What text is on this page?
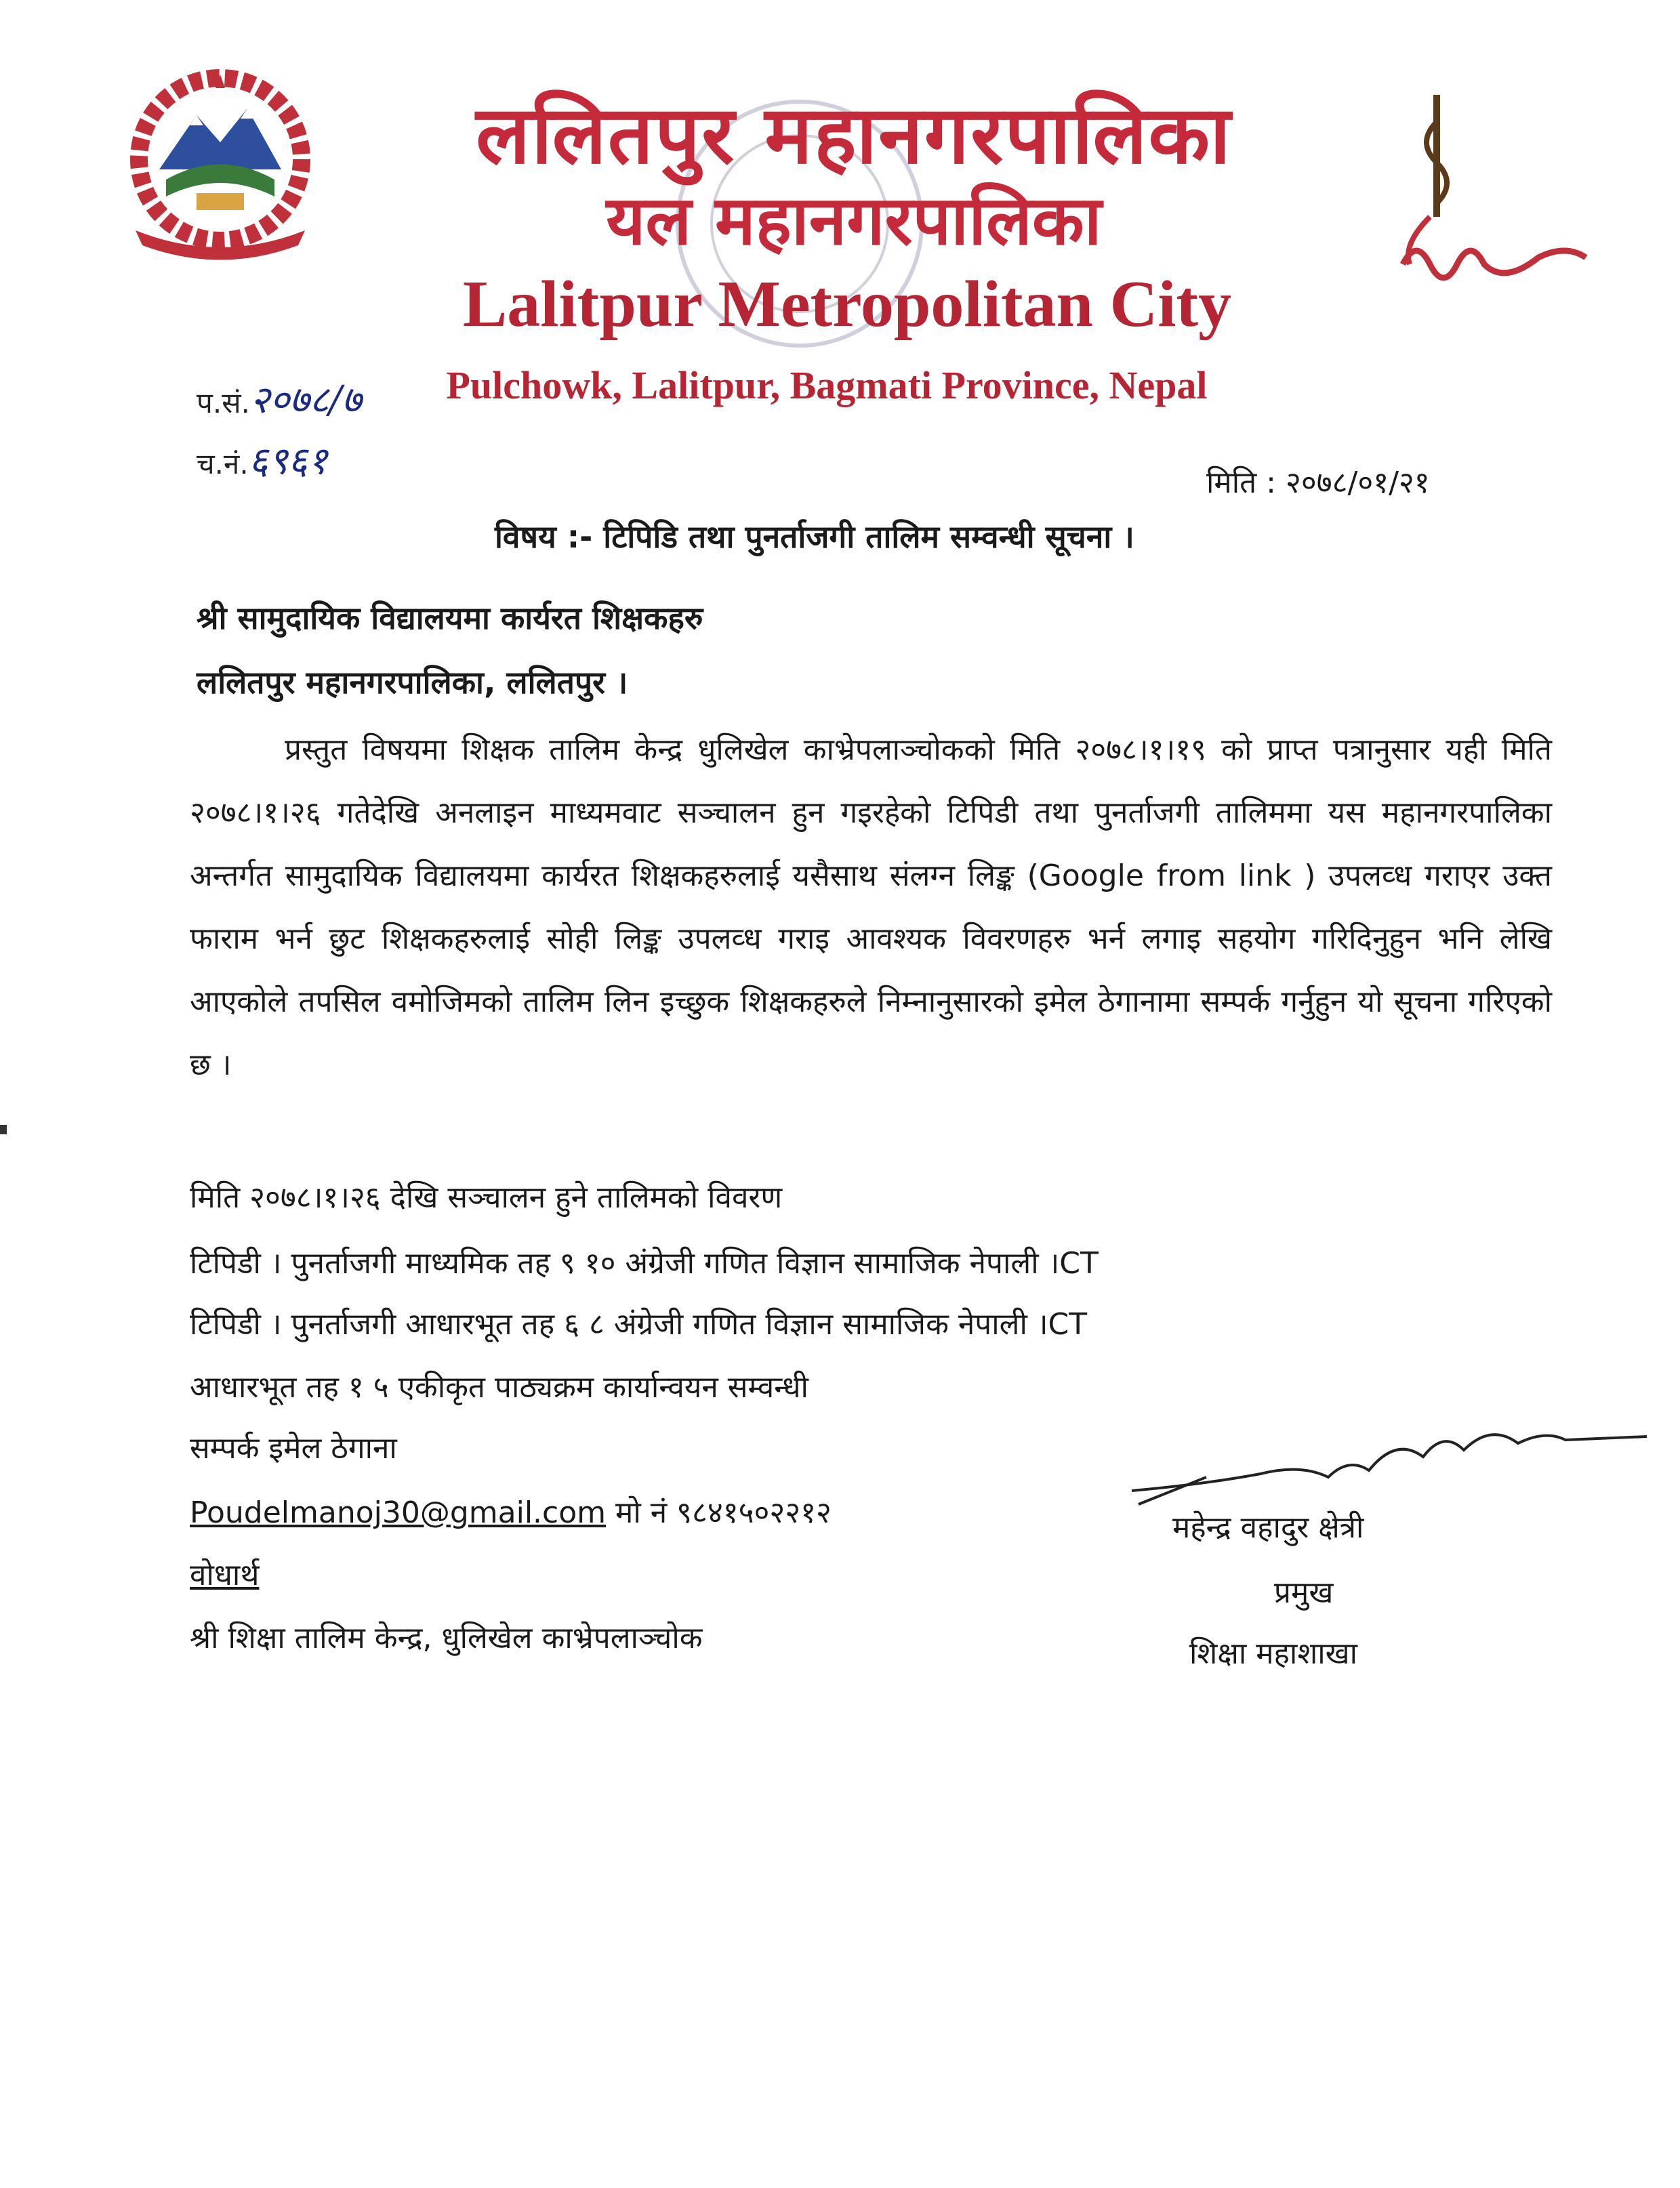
ललितपुर महानगरपालिका
यल महानगरपालिका
Lalitpur Metropolitan City
Pulchowk, Lalitpur, Bagmati Province, Nepal
प.सं.२०७८/७
च.नं.६९६१	मिति : २०७८/०१/२१
विषय :- टिपिडि तथा पुनर्ताजगी तालिम सम्वन्धी सूचना ।
श्री सामुदायिक विद्यालयमा कार्यरत शिक्षकहरु
ललितपुर महानगरपालिका, ललितपुर ।
प्रस्तुत विषयमा शिक्षक तालिम केन्द्र धुलिखेल काभ्रेपलाञ्चोकको मिति २०७८।१।१९ को प्राप्त पत्रानुसार यही मिति २०७८।१।२६ गतेदेखि अनलाइन माध्यमवाट सञ्चालन हुन गइरहेको टिपिडी तथा पुनर्ताजगी तालिममा यस महानगरपालिका अन्तर्गत सामुदायिक विद्यालयमा कार्यरत शिक्षकहरुलाई यसैसाथ संलग्न लिङ्क (Google from link ) उपलव्ध गराएर उक्त फाराम भर्न छुट शिक्षकहरुलाई सोही लिङ्क उपलव्ध गराइ आवश्यक विवरणहरु भर्न लगाइ सहयोग गरिदिनुहुन भनि लेखि आएकोले तपसिल वमोजिमको तालिम लिन इच्छुक शिक्षकहरुले निम्नानुसारको इमेल ठेगानामा सम्पर्क गर्नुहुन यो सूचना गरिएको छ ।
मिति २०७८।१।२६ देखि सञ्चालन हुने तालिमको विवरण
टिपिडी । पुनर्ताजगी माध्यमिक तह ९ १० अंग्रेजी गणित विज्ञान सामाजिक नेपाली ।CT
टिपिडी । पुनर्ताजगी आधारभूत तह ६ ८ अंग्रेजी गणित विज्ञान सामाजिक नेपाली ।CT
आधारभूत तह १ ५ एकीकृत पाठ्यक्रम कार्यान्वयन सम्वन्धी
सम्पर्क इमेल ठेगाना
Poudelmanoj30@gmail.com मो नं ९८४१५०२२१२
वोधार्थ
श्री शिक्षा तालिम केन्द्र, धुलिखेल काभ्रेपलाञ्चोक
महेन्द्र वहादुर क्षेत्री
प्रमुख
शिक्षा महाशाखा
